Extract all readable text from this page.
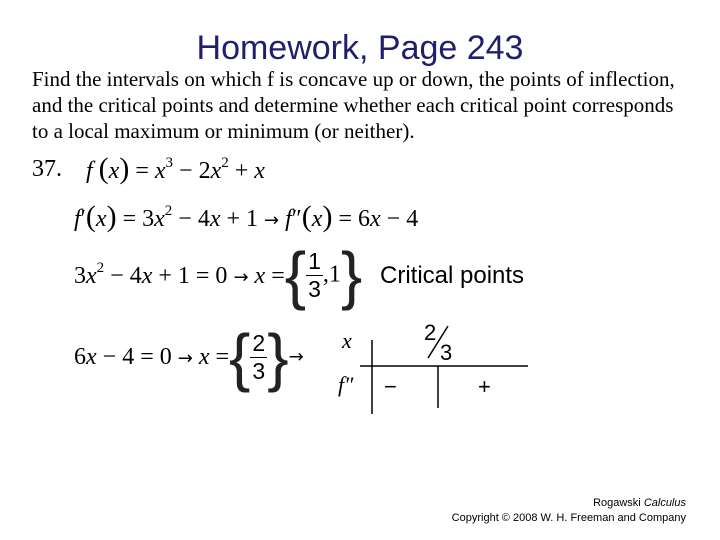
Homework, Page 243
Find the intervals on which f is concave up or down, the points of inflection, and the critical points and determine whether each critical point corresponds to a local maximum or minimum (or neither).
37. f $(x) = x^3 - 2x^2 + x$
$f'(x) = 3x^2 - 4x + 1 \to f''(x) = 6x - 4$
$3x^2 - 4x + 1 = 0 \to x$ ={ $\frac{1}{3} ,1$} Critical points
6x − 4 = 0 → x ={ $\frac{2}{3}$ }→
x
f″
2
3
−	+
Rogawski Calculus
Copyright © 2008 W. H. Freeman and Company
